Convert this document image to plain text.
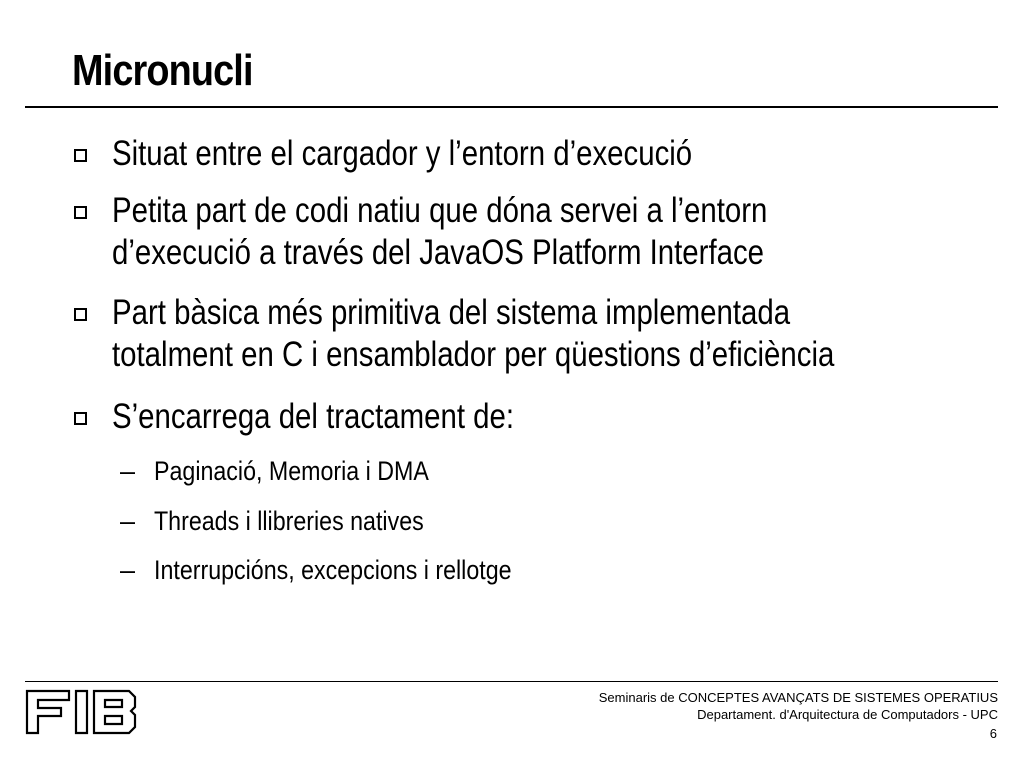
Micronucli
Situat entre el cargador y l’entorn d’execució
Petita part de codi natiu que dóna servei a l’entorn
d’execució a través del JavaOS Platform Interface
Part bàsica més primitiva del sistema implementada
totalment en C i ensamblador per qüestions d’eficiència
S’encarrega del tractament de:
– Paginació, Memoria i DMA
– Threads i llibreries natives
– Interrupcións, excepcions i rellotge
Seminaris de CONCEPTES AVANÇATS DE SISTEMES OPERATIUS
Departament. d'Arquitectura de Computadors - UPC
6
